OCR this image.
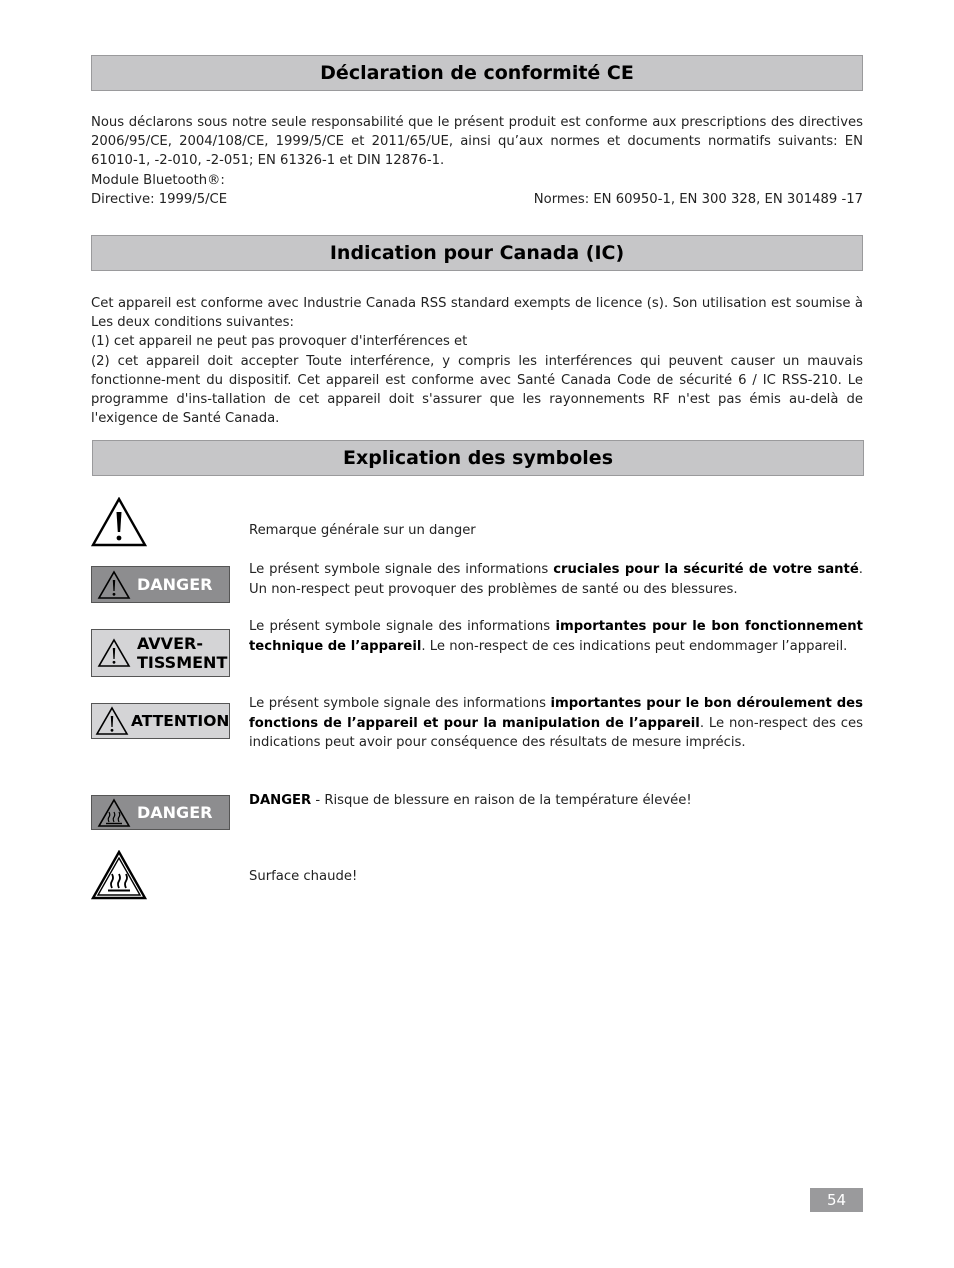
Déclaration de conformité CE
Nous déclarons sous notre seule responsabilité que le présent produit est conforme aux prescriptions des directives 2006/95/CE, 2004/108/CE, 1999/5/CE et 2011/65/UE, ainsi qu’aux normes et documents normatifs suivants: EN 61010-1, -2-010, -2-051; EN 61326-1 et DIN 12876-1.
Module Bluetooth®:
Directive: 1999/5/CE	Normes: EN 60950-1, EN 300 328, EN 301489 -17
Indication pour Canada (IC)
Cet appareil est conforme avec Industrie Canada RSS standard exempts de licence (s). Son utilisation est soumise à Les deux conditions suivantes:
(1) cet appareil ne peut pas provoquer d'interférences et
(2) cet appareil doit accepter Toute interférence, y compris les interférences qui peuvent causer un mauvais fonctionne-ment du dispositif. Cet appareil est conforme avec Santé Canada Code de sécurité 6 / IC RSS-210. Le programme d'ins-tallation de cet appareil doit s'assurer que les rayonnements RF n'est pas émis au-delà de l'exigence de Santé Canada.
Explication des symboles
Remarque générale sur un danger
DANGER
Le présent symbole signale des informations cruciales pour la sécurité de votre santé. Un non-respect peut provoquer des problèmes de santé ou des blessures.
AVVER-
TISSMENT
Le présent symbole signale des informations importantes pour le bon fonctionnement technique de l’appareil. Le non-respect de ces indications peut endommager l’appareil.
ATTENTION
Le présent symbole signale des informations importantes pour le bon déroulement des fonctions de l’appareil et pour la manipulation de l’appareil. Le non-respect des ces indications peut avoir pour conséquence des résultats de mesure imprécis.
DANGER
DANGER - Risque de blessure en raison de la température élevée!
Surface chaude!
54
